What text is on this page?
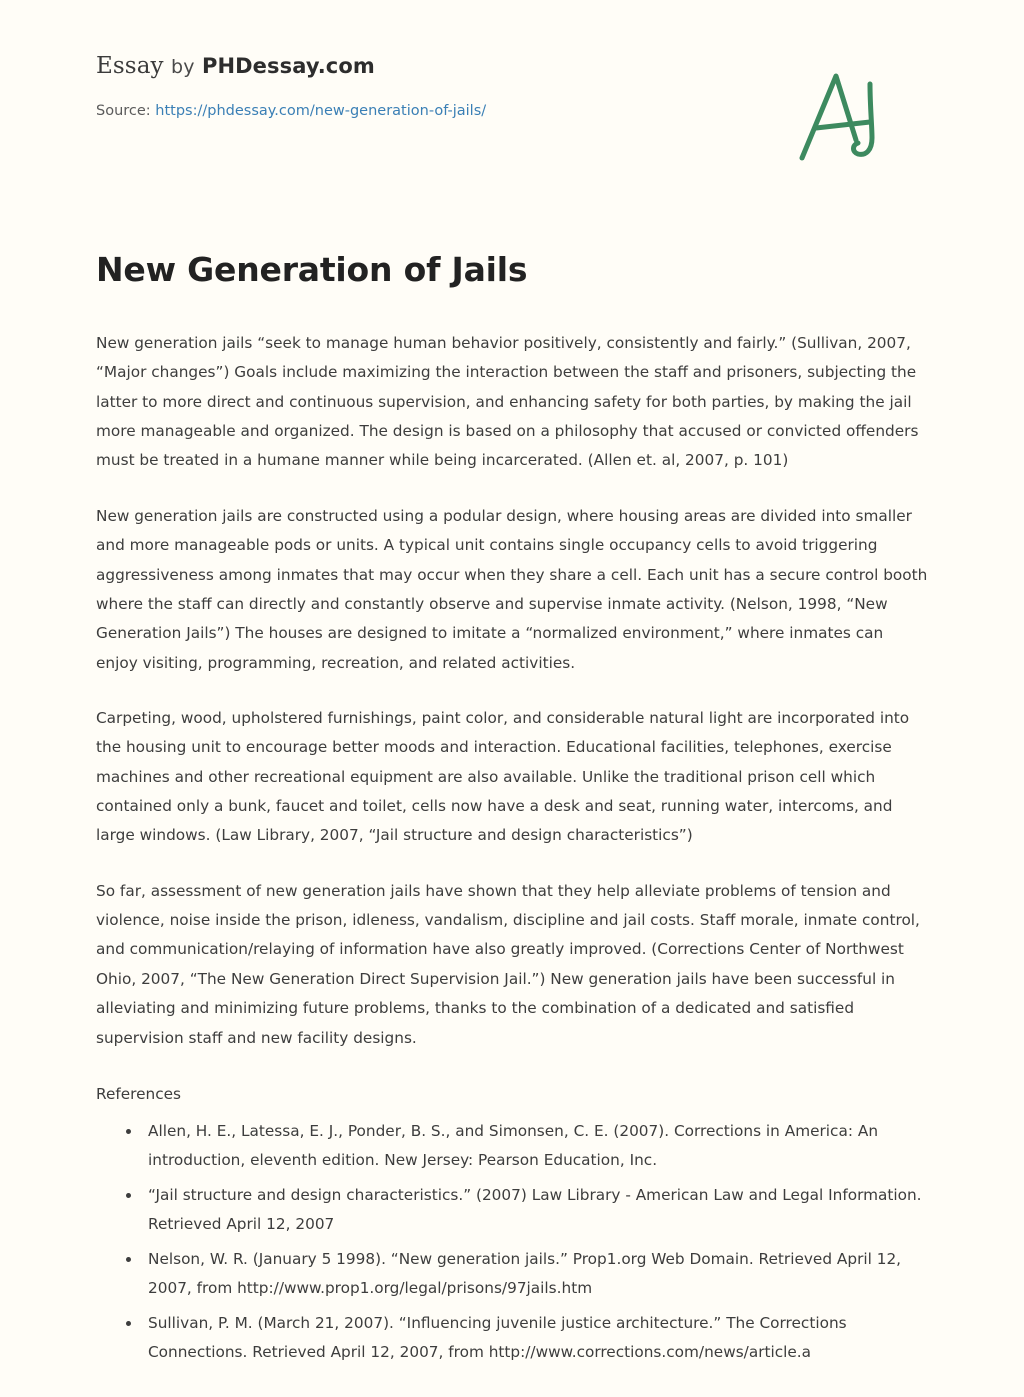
Essay by PHDessay.com
Source: https://phdessay.com/new-generation-of-jails/
New Generation of Jails

New generation jails “seek to manage human behavior positively, consistently and fairly.” (Sullivan, 2007, “Major changes”) Goals include maximizing the interaction between the staff and prisoners, subjecting the latter to more direct and continuous supervision, and enhancing safety for both parties, by making the jail more manageable and organized. The design is based on a philosophy that accused or convicted offenders must be treated in a humane manner while being incarcerated. (Allen et. al, 2007, p. 101)

New generation jails are constructed using a podular design, where housing areas are divided into smaller and more manageable pods or units. A typical unit contains single occupancy cells to avoid triggering aggressiveness among inmates that may occur when they share a cell. Each unit has a secure control booth where the staff can directly and constantly observe and supervise inmate activity. (Nelson, 1998, “New Generation Jails”) The houses are designed to imitate a “normalized environment,” where inmates can enjoy visiting, programming, recreation, and related activities.

Carpeting, wood, upholstered furnishings, paint color, and considerable natural light are incorporated into the housing unit to encourage better moods and interaction. Educational facilities, telephones, exercise machines and other recreational equipment are also available. Unlike the traditional prison cell which contained only a bunk, faucet and toilet, cells now have a desk and seat, running water, intercoms, and large windows. (Law Library, 2007, “Jail structure and design characteristics”)

So far, assessment of new generation jails have shown that they help alleviate problems of tension and violence, noise inside the prison, idleness, vandalism, discipline and jail costs. Staff morale, inmate control, and communication/relaying of information have also greatly improved. (Corrections Center of Northwest Ohio, 2007, “The New Generation Direct Supervision Jail.”) New generation jails have been successful in alleviating and minimizing future problems, thanks to the combination of a dedicated and satisfied supervision staff and new facility designs.

References
• Allen, H. E., Latessa, E. J., Ponder, B. S., and Simonsen, C. E. (2007). Corrections in America: An introduction, eleventh edition. New Jersey: Pearson Education, Inc.
• “Jail structure and design characteristics.” (2007) Law Library - American Law and Legal Information. Retrieved April 12, 2007
• Nelson, W. R. (January 5 1998). “New generation jails.” Prop1.org Web Domain. Retrieved April 12, 2007, from http://www.prop1.org/legal/prisons/97jails.htm
• Sullivan, P. M. (March 21, 2007). “Influencing juvenile justice architecture.” The Corrections Connections. Retrieved April 12, 2007, from http://www.corrections.com/news/article.a
